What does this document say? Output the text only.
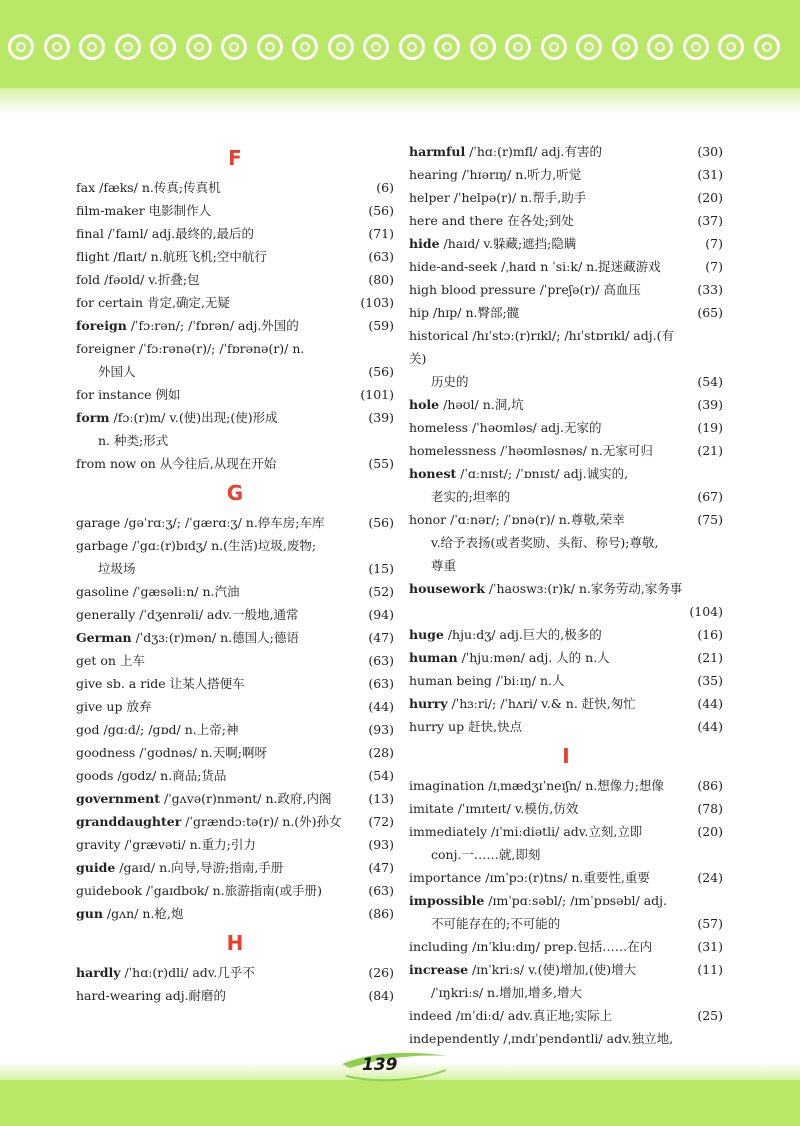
F
fax /fæks/ n.传真;传真机	(6)
film-maker 电影制作人	(56)
final /ˈfaɪnl/ adj.最终的,最后的	(71)
flight /flaɪt/ n.航班飞机;空中航行	(63)
fold /fəʊld/ v.折叠;包	(80)
for certain 肯定,确定,无疑	(103)
foreign /ˈfɔːrən/; /ˈfɒrən/ adj.外国的	(59)
foreigner /ˈfɔːrənə(r)/; /ˈfɒrənə(r)/ n.
外国人	(56)
for instance 例如	(101)
form /fɔː(r)m/ v.(使)出现;(使)形成	(39)
n. 种类;形式
from now on 从今往后,从现在开始	(55)
G
garage /gəˈrɑːʒ/; /ˈgærɑːʒ/ n.停车房;车库	(56)
garbage /ˈgɑː(r)bɪdʒ/ n.(生活)垃圾,废物;
垃圾场	(15)
gasoline /ˈgæsəliːn/ n.汽油	(52)
generally /ˈdʒenrəli/ adv.一般地,通常	(94)
German /ˈdʒɜː(r)mən/ n.德国人;德语	(47)
get on 上车	(63)
give sb. a ride 让某人搭便车	(63)
give up 放弃	(44)
god /gɑːd/; /gɒd/ n.上帝;神	(93)
goodness /ˈgʊdnəs/ n.天啊;啊呀	(28)
goods /gʊdz/ n.商品;货品	(54)
government /ˈgʌvə(r)nmənt/ n.政府,内阁	(13)
granddaughter /ˈgrændɔːtə(r)/ n.(外)孙女	(72)
gravity /ˈgrævəti/ n.重力;引力	(93)
guide /gaɪd/ n.向导,导游;指南,手册	(47)
guidebook /ˈgaɪdbʊk/ n.旅游指南(或手册)	(63)
gun /gʌn/ n.枪,炮	(86)
H
hardly /ˈhɑː(r)dli/ adv.几乎不	(26)
hard-wearing adj.耐磨的	(84)
harmful /ˈhɑː(r)mfl/ adj.有害的	(30)
hearing /ˈhɪərɪŋ/ n.听力,听觉	(31)
helper /ˈhelpə(r)/ n.帮手,助手	(20)
here and there 在各处;到处	(37)
hide /haɪd/ v.躲藏;遮挡;隐瞒	(7)
hide-and-seek /ˌhaɪd n ˈsiːk/ n.捉迷藏游戏	(7)
high blood pressure /ˈpreʃə(r)/ 高血压	(33)
hip /hɪp/ n.臀部;髋	(65)
historical /hɪˈstɔː(r)rɪkl/; /hɪˈstɒrɪkl/ adj.(有关)
历史的	(54)
hole /həʊl/ n.洞,坑	(39)
homeless /ˈhəʊmləs/ adj.无家的	(19)
homelessness /ˈhəʊmləsnəs/ n.无家可归	(21)
honest /ˈɑːnɪst/; /ˈɒnɪst/ adj.诚实的,
老实的;坦率的	(67)
honor /ˈɑːnər/; /ˈɒnə(r)/ n.尊敬,荣幸	(75)
v.给予表扬(或者奖励、头衔、称号);尊敬,
尊重
housework /ˈhaʊswɜː(r)k/ n.家务劳动,家务事
(104)
huge /hjuːdʒ/ adj.巨大的,极多的	(16)
human /ˈhjuːmən/ adj. 人的 n.人	(21)
human being /ˈbiːɪŋ/ n.人	(35)
hurry /ˈhɜːri/; /ˈhʌri/ v.& n. 赶快,匆忙	(44)
hurry up 赶快,快点	(44)
I
imagination /ɪˌmædʒɪˈneɪʃn/ n.想像力;想像	(86)
imitate /ˈɪmɪteɪt/ v.模仿,仿效	(78)
immediately /ɪˈmiːdiətli/ adv.立刻,立即	(20)
conj.一……就,即刻
importance /ɪmˈpɔː(r)tns/ n.重要性,重要	(24)
impossible /ɪmˈpɑːsəbl/; /ɪmˈpɒsəbl/ adj.
不可能存在的;不可能的	(57)
including /ɪnˈkluːdɪŋ/ prep.包括……在内	(31)
increase /ɪnˈkriːs/ v.(使)增加,(使)增大	(11)
/ˈɪŋkriːs/ n.增加,增多,增大
indeed /ɪnˈdiːd/ adv.真正地;实际上	(25)
independently /ˌɪndɪˈpendəntli/ adv.独立地,
139
